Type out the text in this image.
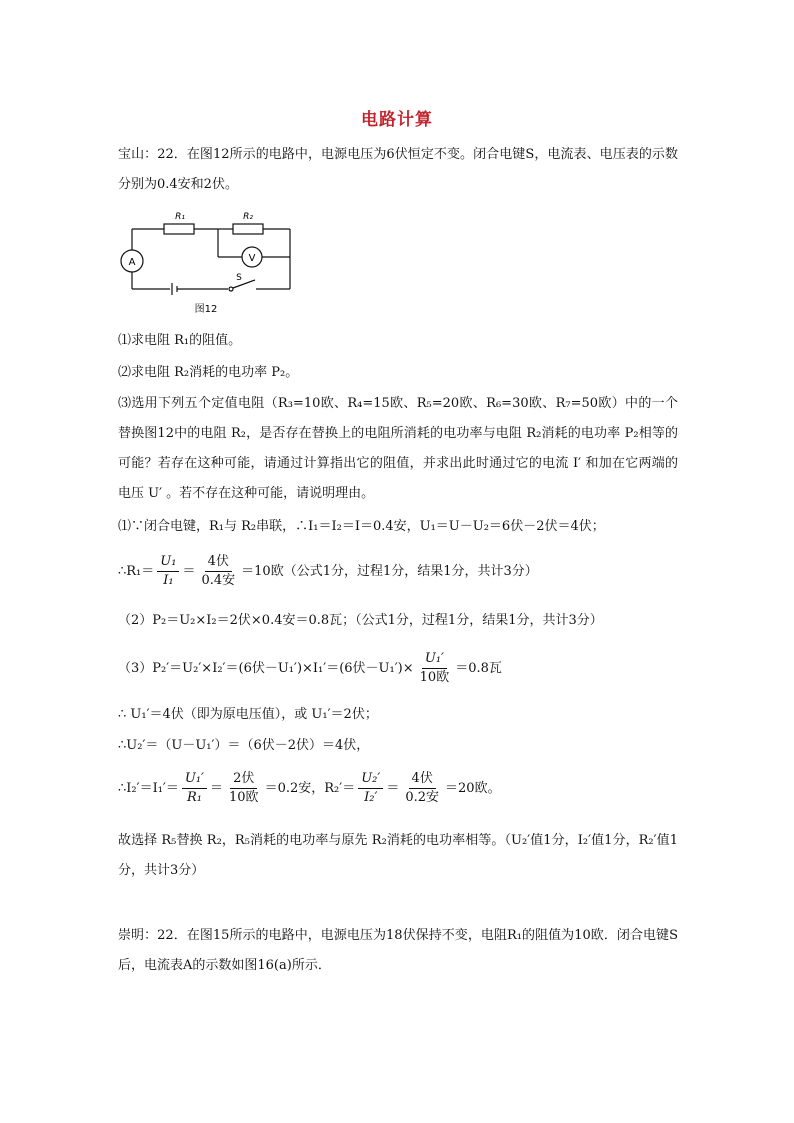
电路计算
宝山：22．在图12所示的电路中，电源电压为6伏恒定不变。闭合电键S，电流表、电压表的示数分别为0.4安和2伏。
R₁	R₂
A	V
S
图12
⑴求电阻 R₁的阻值。
⑵求电阻 R₂消耗的电功率 P₂。
⑶选用下列五个定值电阻（R₃=10欧、R₄=15欧、R₅=20欧、R₆=30欧、R₇=50欧）中的一个替换图12中的电阻 R₂，是否存在替换上的电阻所消耗的电功率与电阻 R₂消耗的电功率 P₂相等的可能？若存在这种可能，请通过计算指出它的阻值，并求出此时通过它的电流 I′ 和加在它两端的电压 U′ 。若不存在这种可能，请说明理由。
⑴∵闭合电键，R₁与 R₂串联，∴I₁＝I₂＝I＝0.4安，U₁＝U－U₂＝6伏－2伏＝4伏；
∴R₁＝ $\frac{\text{U₁}}{\text{I₁}} = \frac{\text{4伏}}{\text{0.4安}} =10$欧（公式1分，过程1分，结果1分，共计3分）
（2）P₂＝U₂×I₂＝2伏×0.4安＝0.8瓦；（公式1分，过程1分，结果1分，共计3分）
（3）P₂′＝U₂′×I₂′＝(6伏－U₁′)×I₁′＝(6伏$-U_1')\times \frac{\text{U₁′}}{\text{10欧}} =0.8$瓦
∴ U₁′＝4伏（即为原电压值），或 U₁′＝2伏；
∴U₂′＝（U－U₁′）＝（6伏－2伏）＝4伏，
∴I₂′＝I₁′＝ $\frac{\text{U₁′}}{\text{R₁}} = \frac{\text{2伏}}{\text{10欧}} =0.2$安，$R_2'= \frac{\text{U₂′}}{\text{I₂′}} = \frac{\text{4伏}}{\text{0.2安}} =20$欧。
故选择 R₅替换 R₂，R₅消耗的电功率与原先 R₂消耗的电功率相等。（U₂′值1分，I₂′值1分，R₂′值1分，共计3分）
崇明：22．在图15所示的电路中，电源电压为18伏保持不变，电阻R₁的阻值为10欧．闭合电键S后，电流表A的示数如图16(a)所示．
